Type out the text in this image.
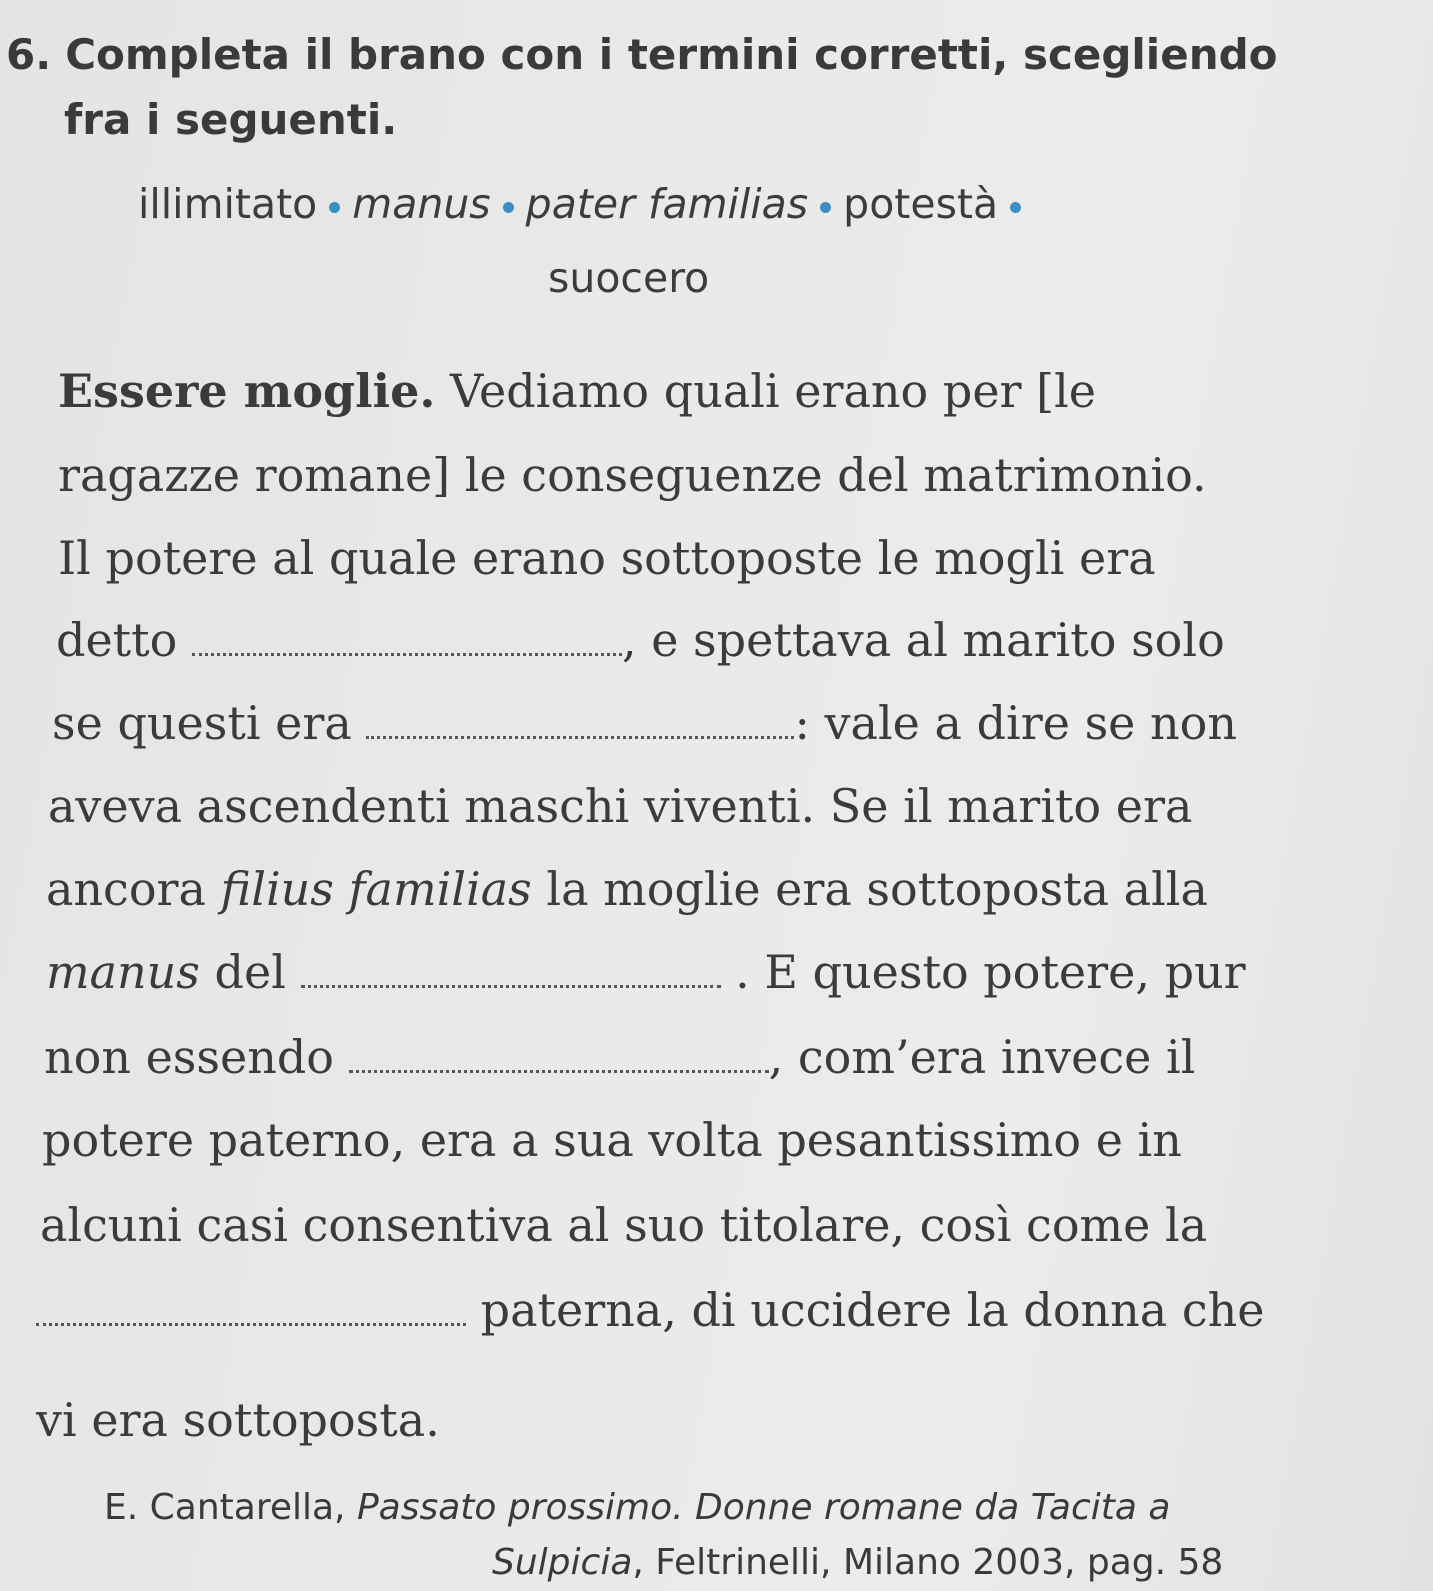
6. Completa il brano con i termini corretti, scegliendo
fra i seguenti.
illimitato manus pater familias potestà
suocero
Essere moglie. Vediamo quali erano per [le
ragazze romane] le conseguenze del matrimonio.
Il potere al quale erano sottoposte le mogli era
detto	, e spettava al marito solo
se questi era	: vale a dire se non
aveva ascendenti maschi viventi. Se il marito era
ancora filius familias la moglie era sottoposta alla
manus del	. E questo potere, pur
non essendo	, com’era invece il
potere paterno, era a sua volta pesantissimo e in
alcuni casi consentiva al suo titolare, così come la
paterna, di uccidere la donna che
vi era sottoposta.
E. Cantarella, Passato prossimo. Donne romane da Tacita a
Sulpicia, Feltrinelli, Milano 2003, pag. 58
